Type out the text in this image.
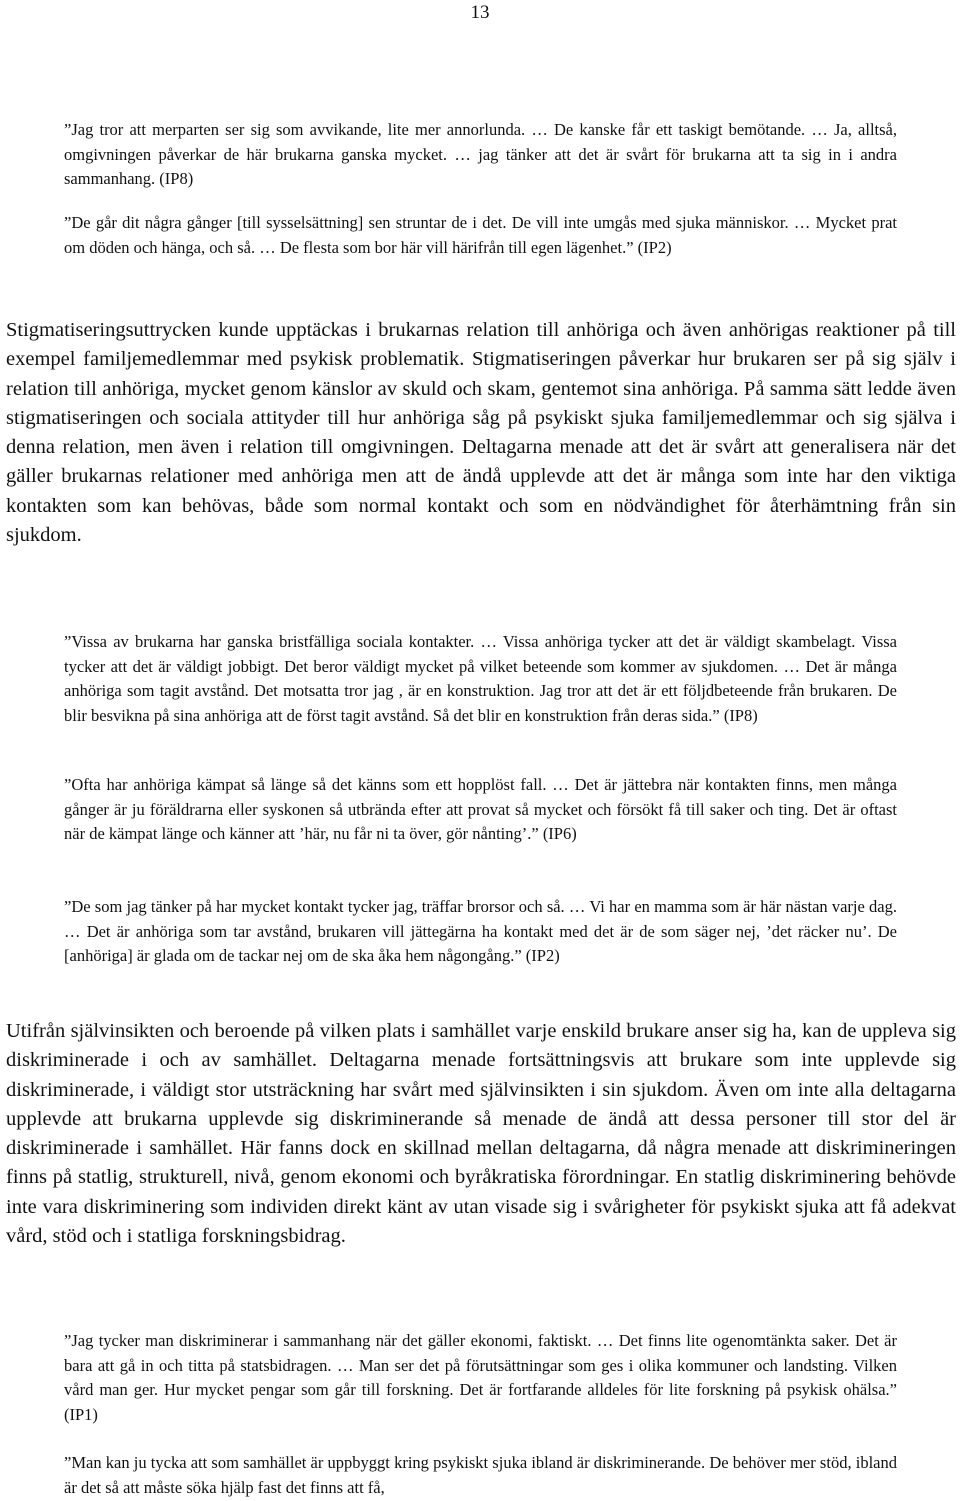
13

”Jag tror att merparten ser sig som avvikande, lite mer annorlunda. … De kanske får ett taskigt bemötande. … Ja, alltså, omgivningen påverkar de här brukarna ganska mycket. … jag tänker att det är svårt för brukarna att ta sig in i andra sammanhang. (IP8)

”De går dit några gånger [till sysselsättning] sen struntar de i det. De vill inte umgås med sjuka människor. … Mycket prat om döden och hänga, och så. … De flesta som bor här vill härifrån till egen lägenhet.” (IP2)

Stigmatiseringsuttrycken kunde upptäckas i brukarnas relation till anhöriga och även anhörigas reaktioner på till exempel familjemedlemmar med psykisk problematik. Stigmatiseringen påverkar hur brukaren ser på sig själv i relation till anhöriga, mycket genom känslor av skuld och skam, gentemot sina anhöriga. På samma sätt ledde även stigmatiseringen och sociala attityder till hur anhöriga såg på psykiskt sjuka familjemedlemmar och sig själva i denna relation, men även i relation till omgivningen. Deltagarna menade att det är svårt att generalisera när det gäller brukarnas relationer med anhöriga men att de ändå upplevde att det är många som inte har den viktiga kontakten som kan behövas, både som normal kontakt och som en nödvändighet för återhämtning från sin sjukdom.

”Vissa av brukarna har ganska bristfälliga sociala kontakter. … Vissa anhöriga tycker att det är väldigt skambelagt. Vissa tycker att det är väldigt jobbigt. Det beror väldigt mycket på vilket beteende som kommer av sjukdomen. … Det är många anhöriga som tagit avstånd. Det motsatta tror jag , är en konstruktion. Jag tror att det är ett följdbeteende från brukaren. De blir besvikna på sina anhöriga att de först tagit avstånd. Så det blir en konstruktion från deras sida.” (IP8)

”Ofta har anhöriga kämpat så länge så det känns som ett hopplöst fall. … Det är jättebra när kontakten finns, men många gånger är ju föräldrarna eller syskonen så utbrända efter att provat så mycket och försökt få till saker och ting. Det är oftast när de kämpat länge och känner att ’här, nu får ni ta över, gör nånting’.” (IP6)

”De som jag tänker på har mycket kontakt tycker jag, träffar brorsor och så. … Vi har en mamma som är här nästan varje dag. … Det är anhöriga som tar avstånd, brukaren vill jättegärna ha kontakt med det är de som säger nej, ’det räcker nu’. De [anhöriga] är glada om de tackar nej om de ska åka hem någongång.” (IP2)

Utifrån självinsikten och beroende på vilken plats i samhället varje enskild brukare anser sig ha, kan de uppleva sig diskriminerade i och av samhället. Deltagarna menade fortsättningsvis att brukare som inte upplevde sig diskriminerade, i väldigt stor utsträckning har svårt med självinsikten i sin sjukdom. Även om inte alla deltagarna upplevde att brukarna upplevde sig diskriminerande så menade de ändå att dessa personer till stor del är diskriminerade i samhället. Här fanns dock en skillnad mellan deltagarna, då några menade att diskrimineringen finns på statlig, strukturell, nivå, genom ekonomi och byråkratiska förordningar. En statlig diskriminering behövde inte vara diskriminering som individen direkt känt av utan visade sig i svårigheter för psykiskt sjuka att få adekvat vård, stöd och i statliga forskningsbidrag.

”Jag tycker man diskriminerar i sammanhang när det gäller ekonomi, faktiskt. … Det finns lite ogenomtänkta saker. Det är bara att gå in och titta på statsbidragen. … Man ser det på förutsättningar som ges i olika kommuner och landsting. Vilken vård man ger. Hur mycket pengar som går till forskning. Det är fortfarande alldeles för lite forskning på psykisk ohälsa.” (IP1)

”Man kan ju tycka att som samhället är uppbyggt kring psykiskt sjuka ibland är diskriminerande. De behöver mer stöd, ibland är det så att måste söka hjälp fast det finns att få,
